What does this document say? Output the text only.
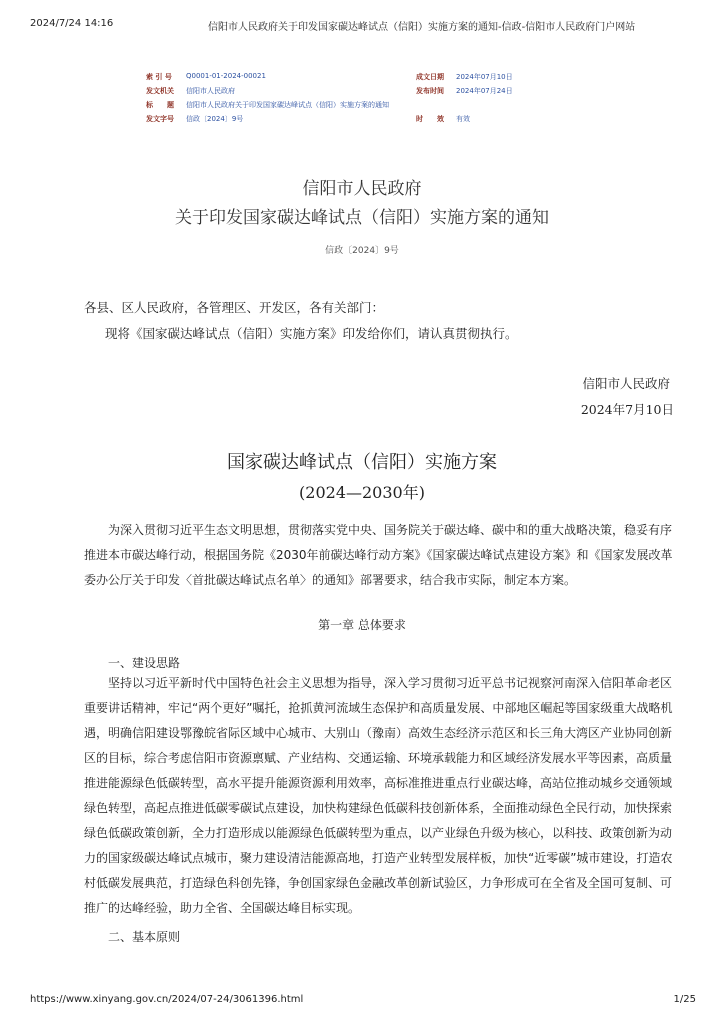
2024/7/24 14:16	信阳市人民政府关于印发国家碳达峰试点（信阳）实施方案的通知-信政-信阳市人民政府门户网站
索 引 号 Q0001-01-2024-00021	成文日期 2024年07月10日
发文机关 信阳市人民政府	发布时间 2024年07月24日
标　　题 信阳市人民政府关于印发国家碳达峰试点（信阳）实施方案的通知
发文字号 信政〔2024〕9号	时　　效 有效
信阳市人民政府
关于印发国家碳达峰试点（信阳）实施方案的通知
信政〔2024〕9号
各县、区人民政府，各管理区、开发区，各有关部门：
现将《国家碳达峰试点（信阳）实施方案》印发给你们，请认真贯彻执行。
信阳市人民政府
2024年7月10日
国家碳达峰试点（信阳）实施方案
(2024—2030年)
为深入贯彻习近平生态文明思想，贯彻落实党中央、国务院关于碳达峰、碳中和的重大战略决策，稳妥有序
推进本市碳达峰行动，根据国务院《2030年前碳达峰行动方案》《国家碳达峰试点建设方案》和《国家发展改革
委办公厅关于印发〈首批碳达峰试点名单〉的通知》部署要求，结合我市实际，制定本方案。
第一章 总体要求
一、建设思路
坚持以习近平新时代中国特色社会主义思想为指导，深入学习贯彻习近平总书记视察河南深入信阳革命老区
重要讲话精神，牢记“两个更好”嘱托，抢抓黄河流域生态保护和高质量发展、中部地区崛起等国家级重大战略机
遇，明确信阳建设鄂豫皖省际区域中心城市、大别山（豫南）高效生态经济示范区和长三角大湾区产业协同创新
区的目标，综合考虑信阳市资源禀赋、产业结构、交通运输、环境承载能力和区域经济发展水平等因素，高质量
推进能源绿色低碳转型，高水平提升能源资源利用效率，高标准推进重点行业碳达峰，高站位推动城乡交通领域
绿色转型，高起点推进低碳零碳试点建设，加快构建绿色低碳科技创新体系，全面推动绿色全民行动，加快探索
绿色低碳政策创新，全力打造形成以能源绿色低碳转型为重点，以产业绿色升级为核心，以科技、政策创新为动
力的国家级碳达峰试点城市，聚力建设清洁能源高地，打造产业转型发展样板，加快“近零碳”城市建设，打造农
村低碳发展典范，打造绿色科创先锋，争创国家绿色金融改革创新试验区，力争形成可在全省及全国可复制、可
推广的达峰经验，助力全省、全国碳达峰目标实现。
二、基本原则
https://www.xinyang.gov.cn/2024/07-24/3061396.html	1/25
